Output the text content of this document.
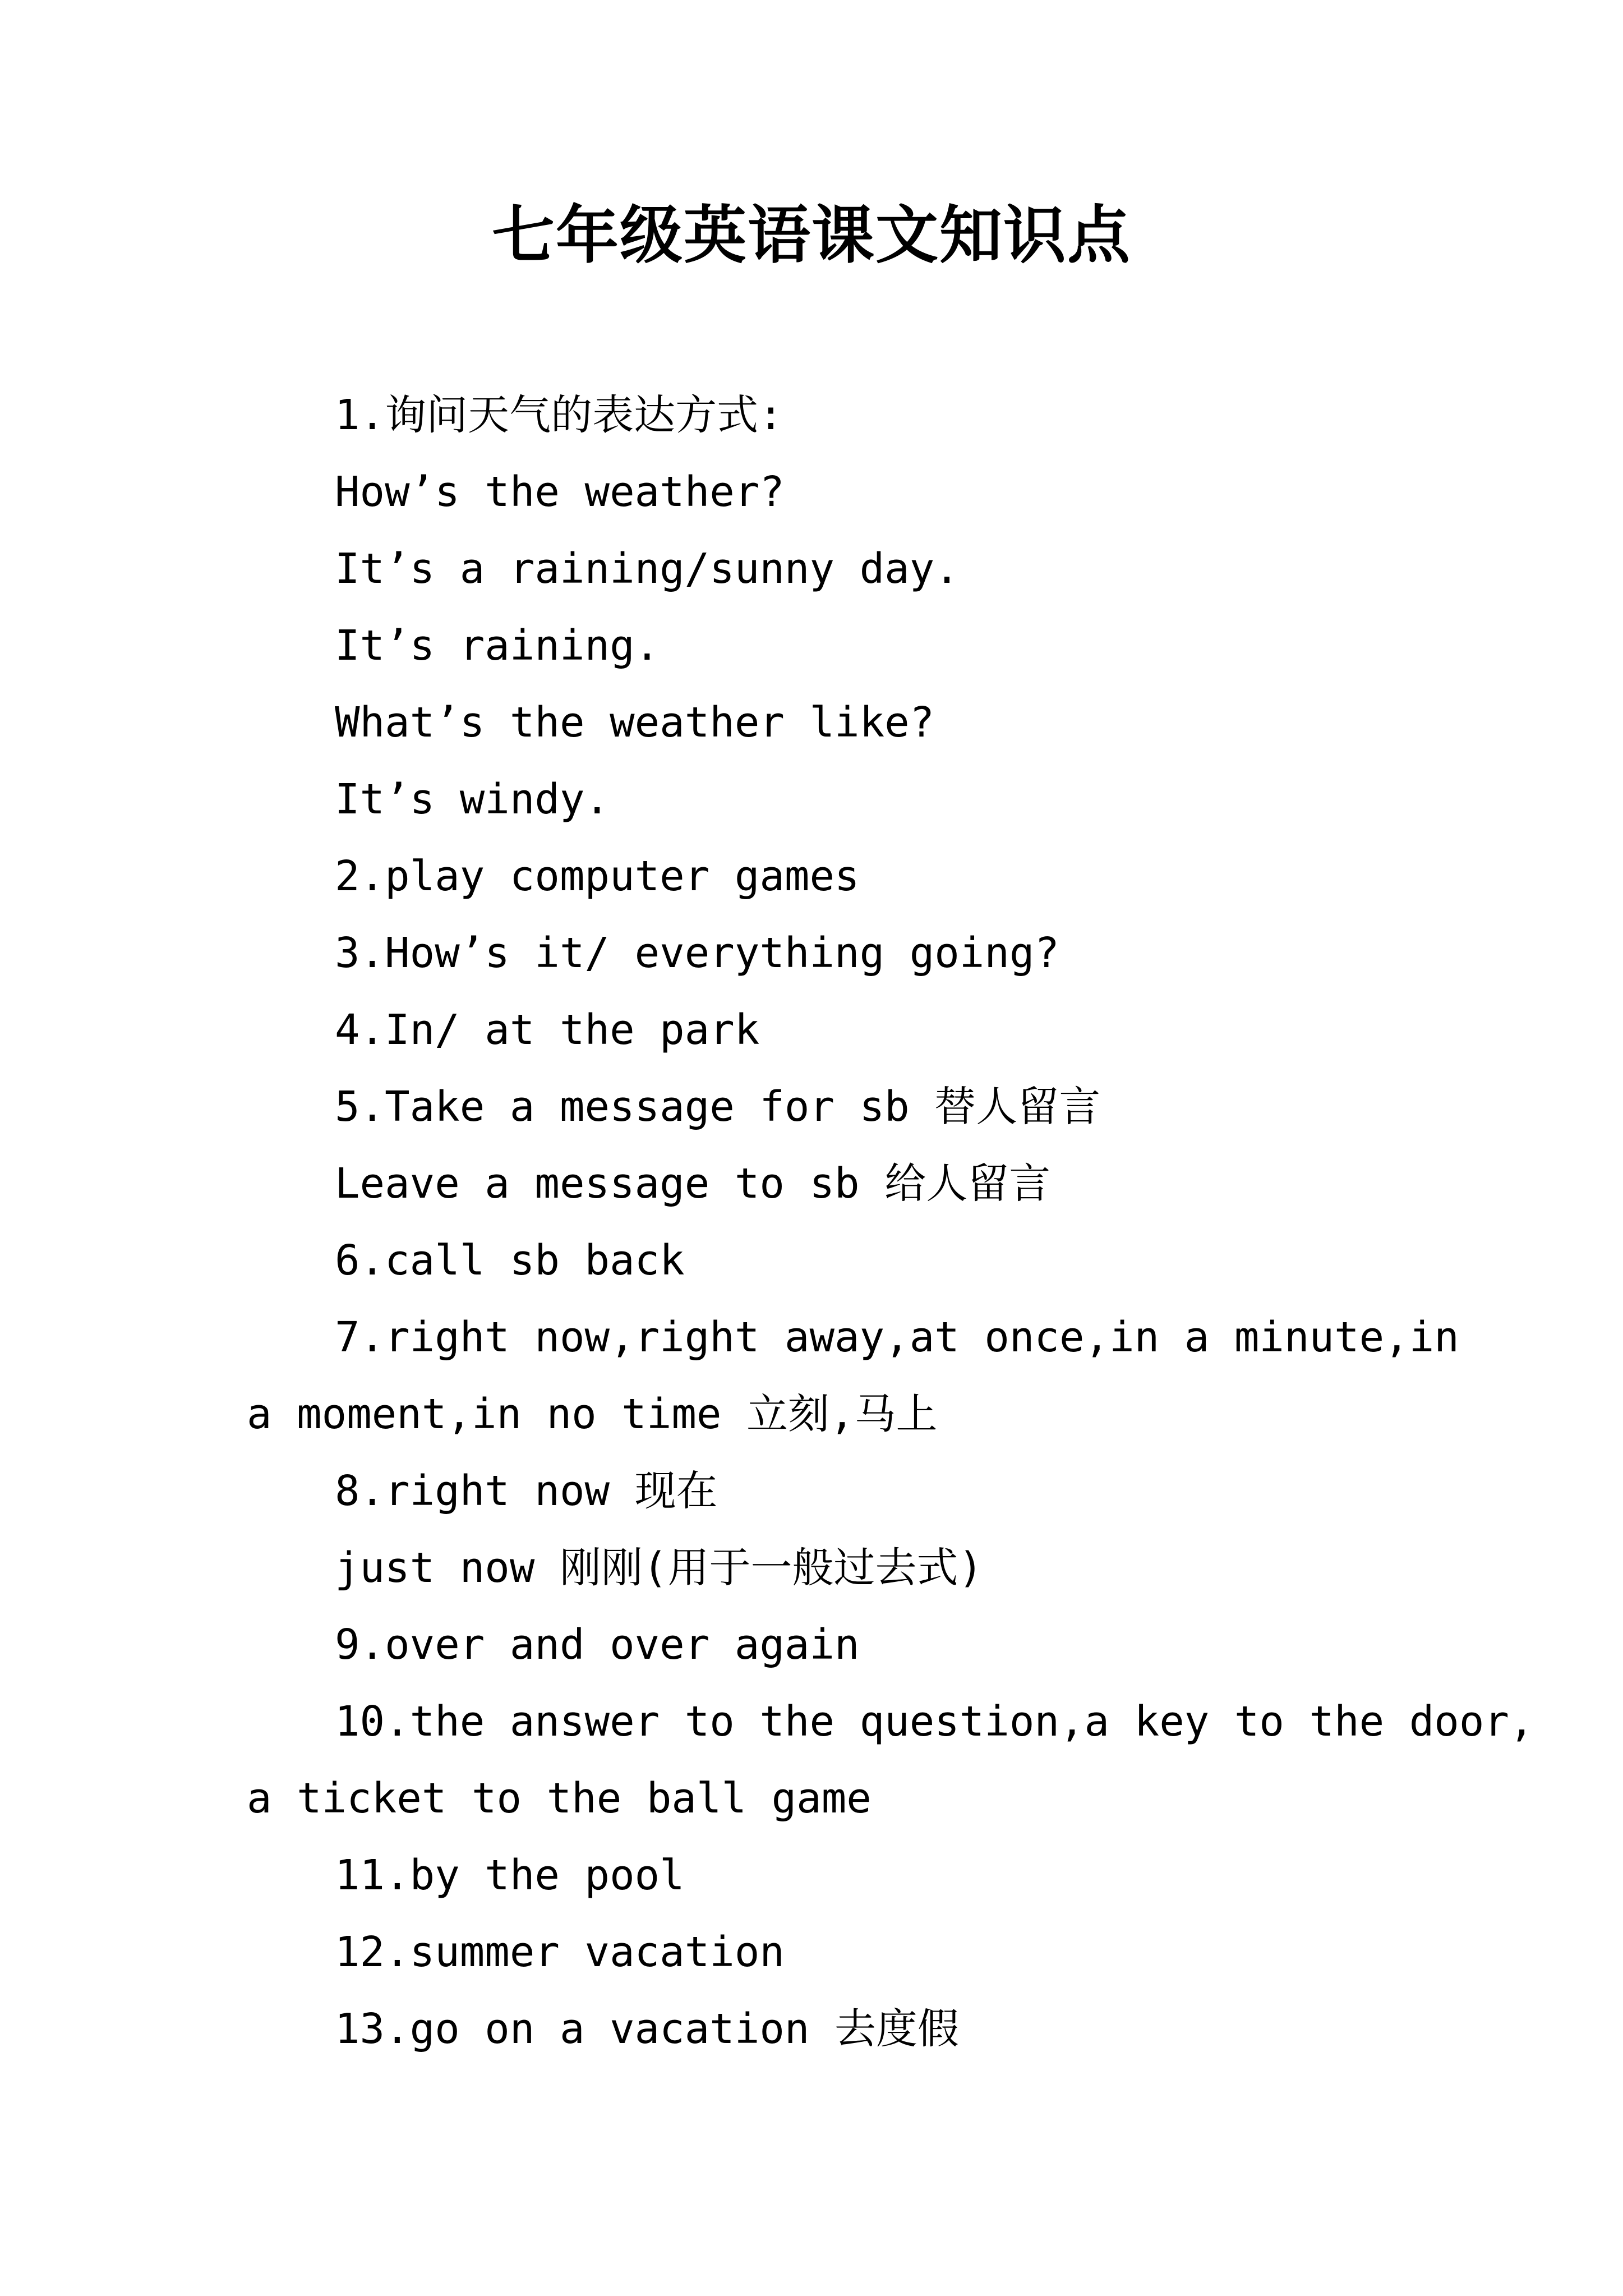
七年级英语课文知识点
1.询问天气的表达方式:
How’s the weather?
It’s a raining/sunny day.
It’s raining.
What’s the weather like?
It’s windy.
2.play computer games
3.How’s it/ everything going?
4.In/ at the park
5.Take a message for sb 替人留言
Leave a message to sb 给人留言
6.call sb back
7.right now,right away,at once,in a minute,in
a moment,in no time 立刻,马上
8.right now 现在
just now 刚刚(用于一般过去式)
9.over and over again
10.the answer to the question,a key to the door,
a ticket to the ball game
11.by the pool
12.summer vacation
13.go on a vacation 去度假
